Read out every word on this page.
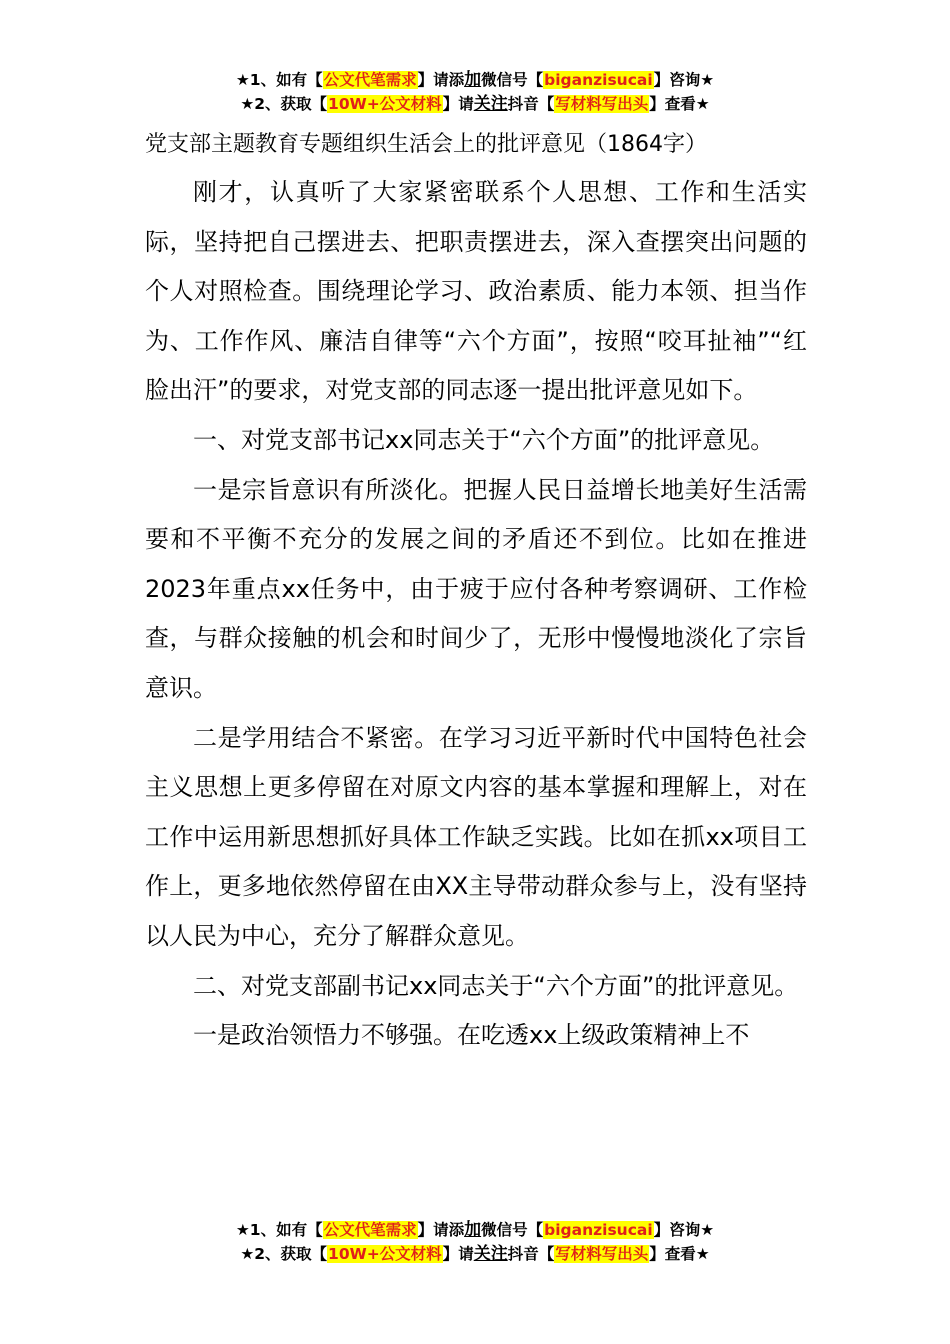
★1、如有【公文代笔需求】请添加微信号【biganzisucai】咨询★
★2、获取【10W+公文材料】请关注抖音【写材料写出头】查看★
党支部主题教育专题组织生活会上的批评意见（1864字）

刚才，认真听了大家紧密联系个人思想、工作和生活实际，坚持把自己摆进去、把职责摆进去，深入查摆突出问题的个人对照检查。围绕理论学习、政治素质、能力本领、担当作为、工作作风、廉洁自律等“六个方面”，按照“咬耳扯袖”“红脸出汗”的要求，对党支部的同志逐一提出批评意见如下。

一、对党支部书记xx同志关于“六个方面”的批评意见。

一是宗旨意识有所淡化。把握人民日益增长地美好生活需要和不平衡不充分的发展之间的矛盾还不到位。比如在推进2023年重点xx任务中，由于疲于应付各种考察调研、工作检查，与群众接触的机会和时间少了，无形中慢慢地淡化了宗旨意识。

二是学用结合不紧密。在学习习近平新时代中国特色社会主义思想上更多停留在对原文内容的基本掌握和理解上，对在工作中运用新思想抓好具体工作缺乏实践。比如在抓xx项目工作上，更多地依然停留在由XX主导带动群众参与上，没有坚持以人民为中心，充分了解群众意见。

二、对党支部副书记xx同志关于“六个方面”的批评意见。

一是政治领悟力不够强。在吃透xx上级政策精神上不

★1、如有【公文代笔需求】请添加微信号【biganzisucai】咨询★
★2、获取【10W+公文材料】请关注抖音【写材料写出头】查看★
